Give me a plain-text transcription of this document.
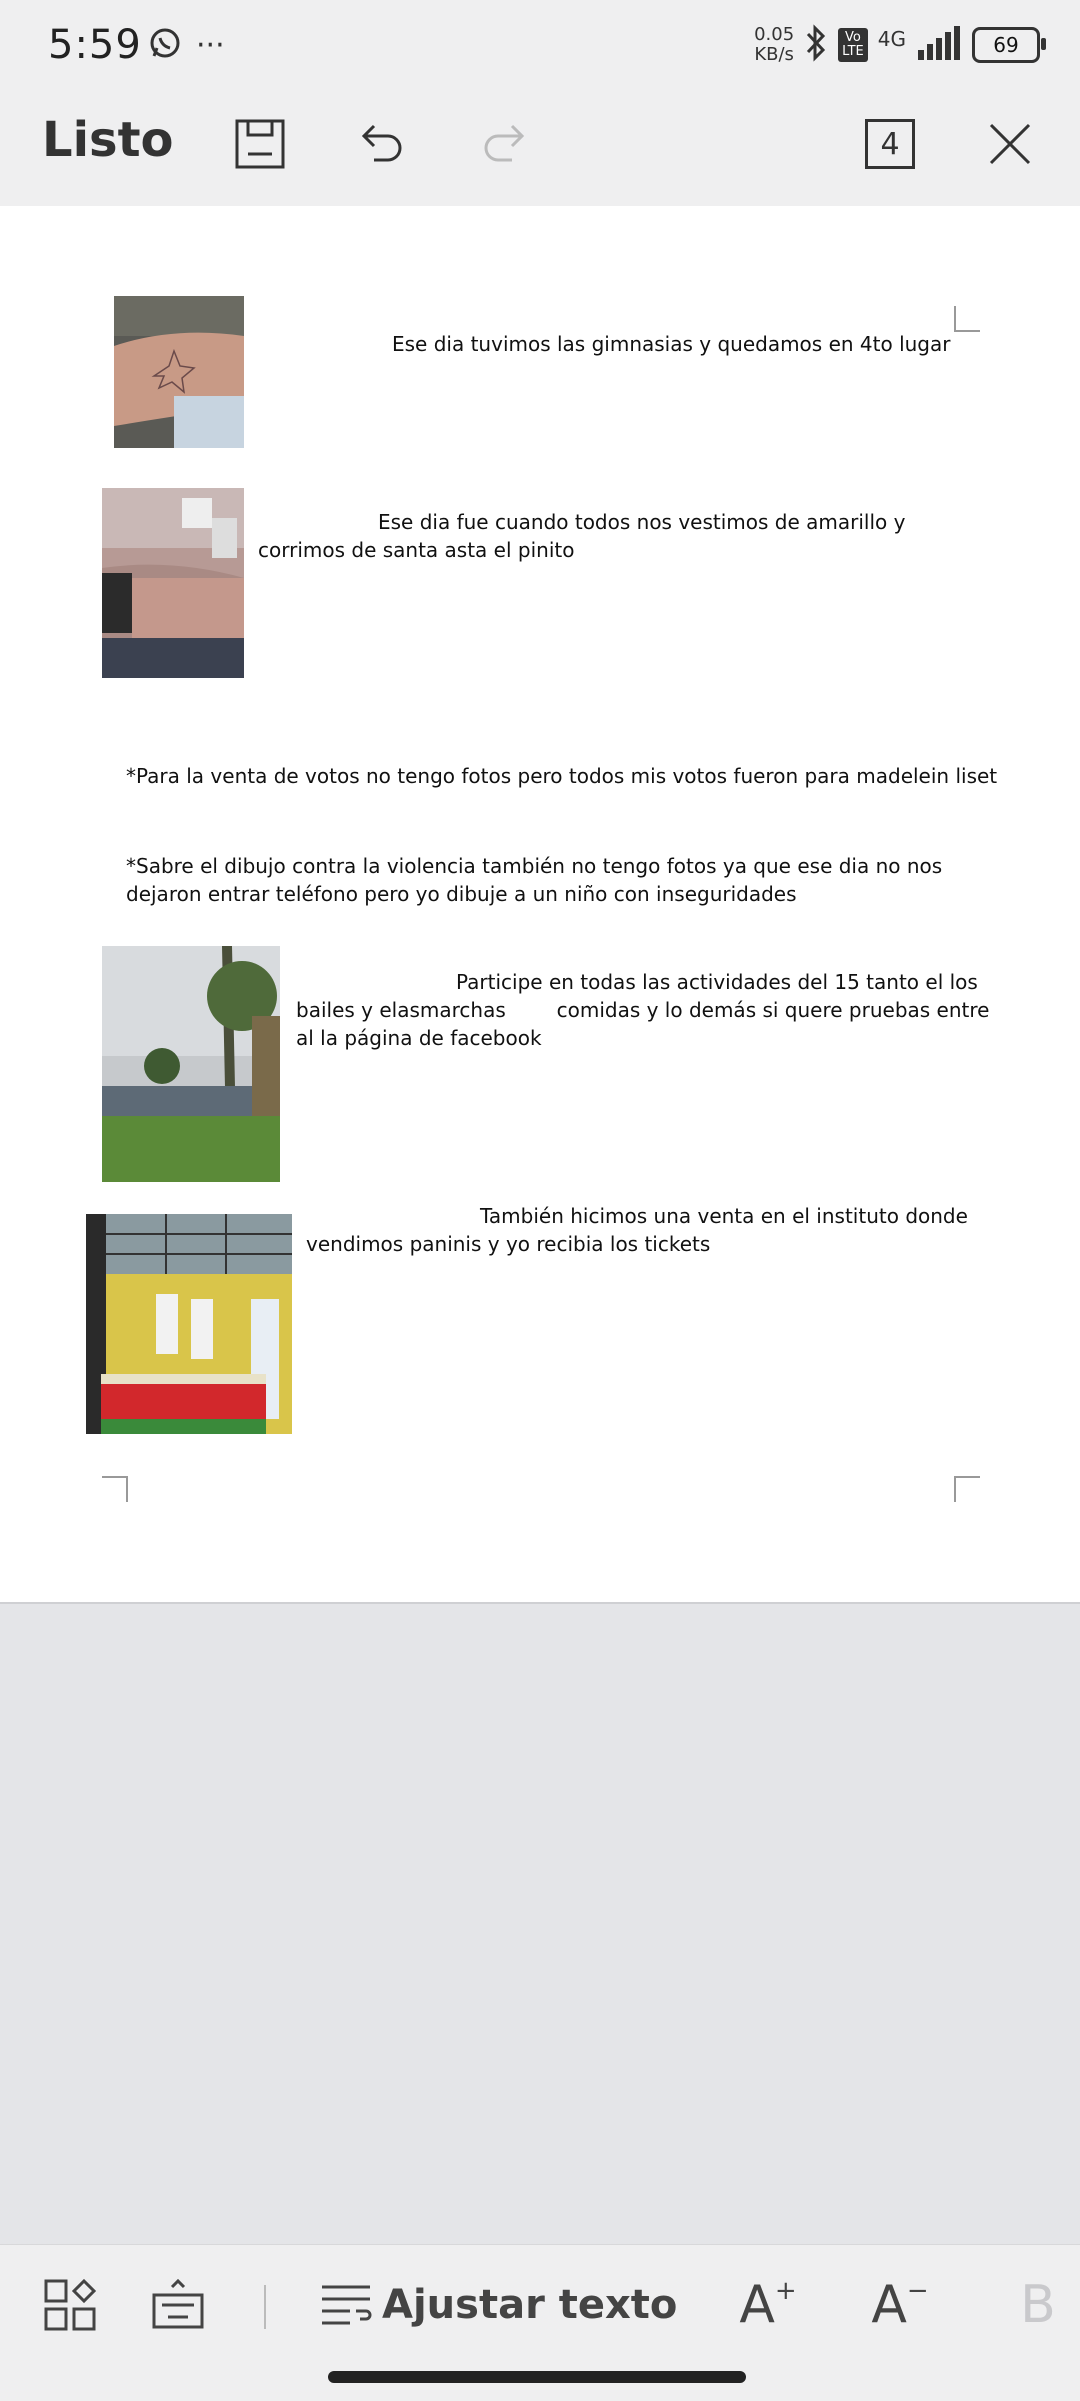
5:59 ···	0.05
KB/s
Vo
LTE
4G	69
Listo	4
Ese dia tuvimos las gimnasias y quedamos en 4to lugar
Ese dia fue cuando todos nos vestimos de amarillo y
corrimos de santa asta el pinito
*Para la venta de votos no tengo fotos pero todos mis votos fueron para madelein liset
*Sabre el dibujo contra la violencia también no tengo fotos ya que ese dia no nos
dejaron entrar teléfono pero yo dibuje a un niño con inseguridades
Participe en todas las actividades del 15 tanto el los
bailes y elasmarchas        comidas y lo demás si quere pruebas entre
al la página de facebook
También hicimos una venta en el instituto donde
vendimos paninis y yo recibia los tickets
Ajustar texto A + A − B
